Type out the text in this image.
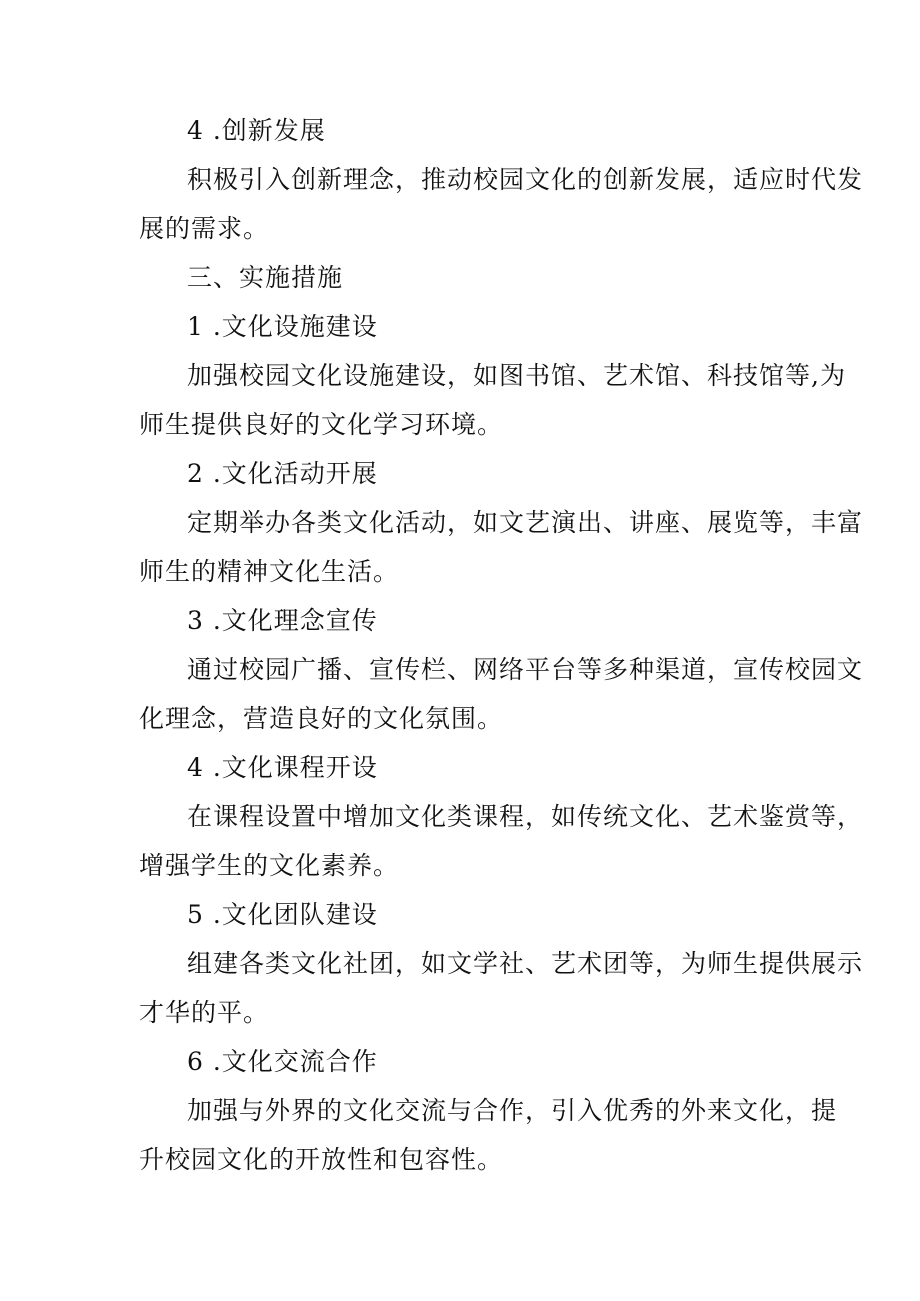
4 .创新发展
积极引入创新理念，推动校园文化的创新发展，适应时代发
展的需求。
三、实施措施
1 .文化设施建设
加强校园文化设施建设，如图书馆、艺术馆、科技馆等,为
师生提供良好的文化学习环境。
2 .文化活动开展
定期举办各类文化活动，如文艺演出、讲座、展览等，丰富
师生的精神文化生活。
3 .文化理念宣传
通过校园广播、宣传栏、网络平台等多种渠道，宣传校园文
化理念，营造良好的文化氛围。
4 .文化课程开设
在课程设置中增加文化类课程，如传统文化、艺术鉴赏等，
增强学生的文化素养。
5 .文化团队建设
组建各类文化社团，如文学社、艺术团等，为师生提供展示
才华的平。
6 .文化交流合作
加强与外界的文化交流与合作，引入优秀的外来文化，提
升校园文化的开放性和包容性。
